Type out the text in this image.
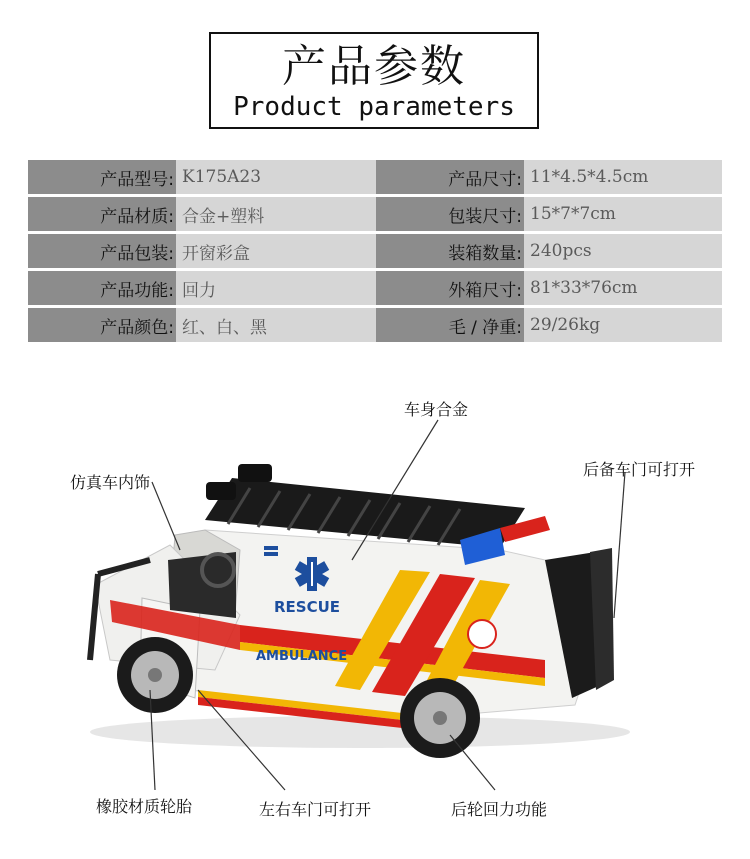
产品参数
Product parameters
产品型号: K175A23	产品尺寸: 11*4.5*4.5cm
产品材质: 合金+塑料	包装尺寸: 15*7*7cm
产品包装: 开窗彩盒	装箱数量: 240pcs
产品功能: 回力	外箱尺寸: 81*33*76cm
产品颜色: 红、白、黑	毛 / 净重: 29/26kg
RESCUE
AMBULANCE
车身合金
仿真车内饰
后备车门可打开
橡胶材质轮胎	左右车门可打开	后轮回力功能
